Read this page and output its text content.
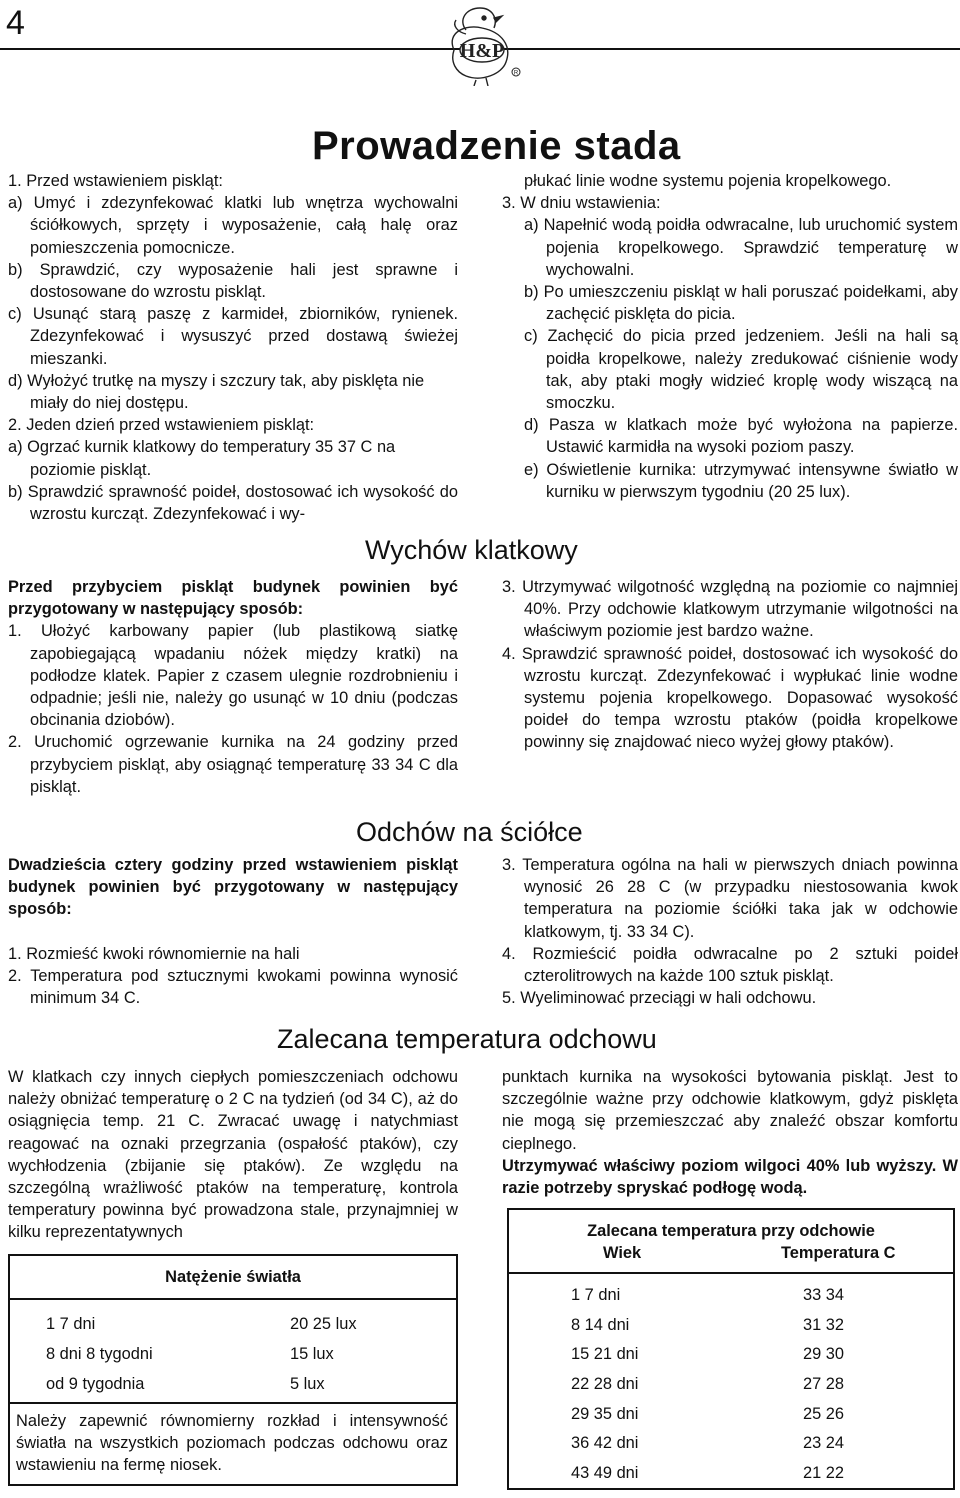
4
H&P
R
Prowadzenie stada

1. Przed wstawieniem piskląt:

a) Umyć i zdezynfekować klatki lub wnętrza wychowalni ściółkowych, sprzęty i wyposażenie, całą halę oraz pomieszczenia pomocnicze.

b) Sprawdzić, czy wyposażenie hali jest sprawne i dostosowane do wzrostu piskląt.

c) Usunąć starą paszę z karmideł, zbiorników, rynienek. Zdezynfekować i wysuszyć przed dostawą świeżej mieszanki.

d) Wyłożyć trutkę na myszy i szczury tak, aby pisklęta nie miały do niej dostępu.

2. Jeden dzień przed wstawieniem piskląt:

a) Ogrzać kurnik klatkowy do temperatury 35 37 C na poziomie piskląt.

b) Sprawdzić sprawność poideł, dostosować ich wysokość do wzrostu kurcząt. Zdezynfekować i wy-

płukać linie wodne systemu pojenia kropelkowego.

3. W dniu wstawienia:

a) Napełnić wodą poidła odwracalne, lub uruchomić system pojenia kropelkowego. Sprawdzić temperaturę w wychowalni.

b) Po umieszczeniu piskląt w hali poruszać poidełkami, aby zachęcić pisklęta do picia.

c) Zachęcić do picia przed jedzeniem. Jeśli na hali są poidła kropelkowe, należy zredukować ciśnienie wody tak, aby ptaki mogły widzieć kroplę wody wiszącą na smoczku.

d) Pasza w klatkach może być wyłożona na papierze. Ustawić karmidła na wysoki poziom paszy.

e) Oświetlenie kurnika: utrzymywać intensywne światło w kurniku w pierwszym tygodniu (20 25 lux).

Wychów klatkowy

Przed przybyciem piskląt budynek powinien być przygotowany w następujący sposób:

1. Ułożyć karbowany papier (lub plastikową siatkę zapobiegającą wpadaniu nóżek między kratki) na podłodze klatek. Papier z czasem ulegnie rozdrobnieniu i odpadnie; jeśli nie, należy go usunąć w 10 dniu (podczas obcinania dziobów).

2. Uruchomić ogrzewanie kurnika na 24 godziny przed przybyciem piskląt, aby osiągnąć temperaturę 33 34 C dla piskląt.

3. Utrzymywać wilgotność względną na poziomie co najmniej 40%. Przy odchowie klatkowym utrzymanie wilgotności na właściwym poziomie jest bardzo ważne.

4. Sprawdzić sprawność poideł, dostosować ich wysokość do wzrostu kurcząt. Zdezynfekować i wypłukać linie wodne systemu pojenia kropelkowego. Dopasować wysokość poideł do tempa wzrostu ptaków (poidła kropelkowe powinny się znajdować nieco wyżej głowy ptaków).

Odchów na ściółce

Dwadzieścia cztery godziny przed wstawieniem piskląt budynek powinien być przygotowany w następujący sposób:

1. Rozmieść kwoki równomiernie na hali

2. Temperatura pod sztucznymi kwokami powinna wynosić minimum 34 C.

3. Temperatura ogólna na hali w pierwszych dniach powinna wynosić 26 28 C (w przypadku niestosowania kwok temperatura na poziomie ściółki taka jak w odchowie klatkowym, tj. 33 34 C).

4. Rozmieścić poidła odwracalne po 2 sztuki poideł czterolitrowych na każde 100 sztuk piskląt.

5. Wyeliminować przeciągi w hali odchowu.

Zalecana temperatura odchowu
W klatkach czy innych ciepłych pomieszczeniach odchowu należy obniżać temperaturę o 2 C na tydzień (od 34 C), aż do osiągnięcia temp. 21 C. Zwracać uwagę i natychmiast reagować na oznaki przegrzania (ospałość ptaków), czy wychłodzenia (zbijanie się ptaków). Ze względu na szczególną wrażliwość ptaków na temperaturę, kontrola temperatury powinna być prowadzona stale, przynajmniej w kilku reprezentatywnych

punktach kurnika na wysokości bytowania piskląt. Jest to szczególnie ważne przy odchowie klatkowym, gdyż pisklęta nie mogą się przemieszczać aby znaleźć obszar komfortu cieplnego.

Utrzymywać właściwy poziom wilgoci 40% lub wyższy. W razie potrzeby spryskać podłogę wodą.

Natężenie światła
1 7 dni	20 25 lux
8 dni 8 tygodni	15 lux
od 9 tygodnia	5 lux
Należy zapewnić równomierny rozkład i intensywność światła na wszystkich poziomach podczas odchowu oraz wstawieniu na fermę niosek.
Zalecana temperatura przy odchowie
Wiek	Temperatura C
1 7 dni	33 34
8 14 dni	31 32
15 21 dni	29 30
22 28 dni	27 28
29 35 dni	25 26
36 42 dni	23 24
43 49 dni	21 22
